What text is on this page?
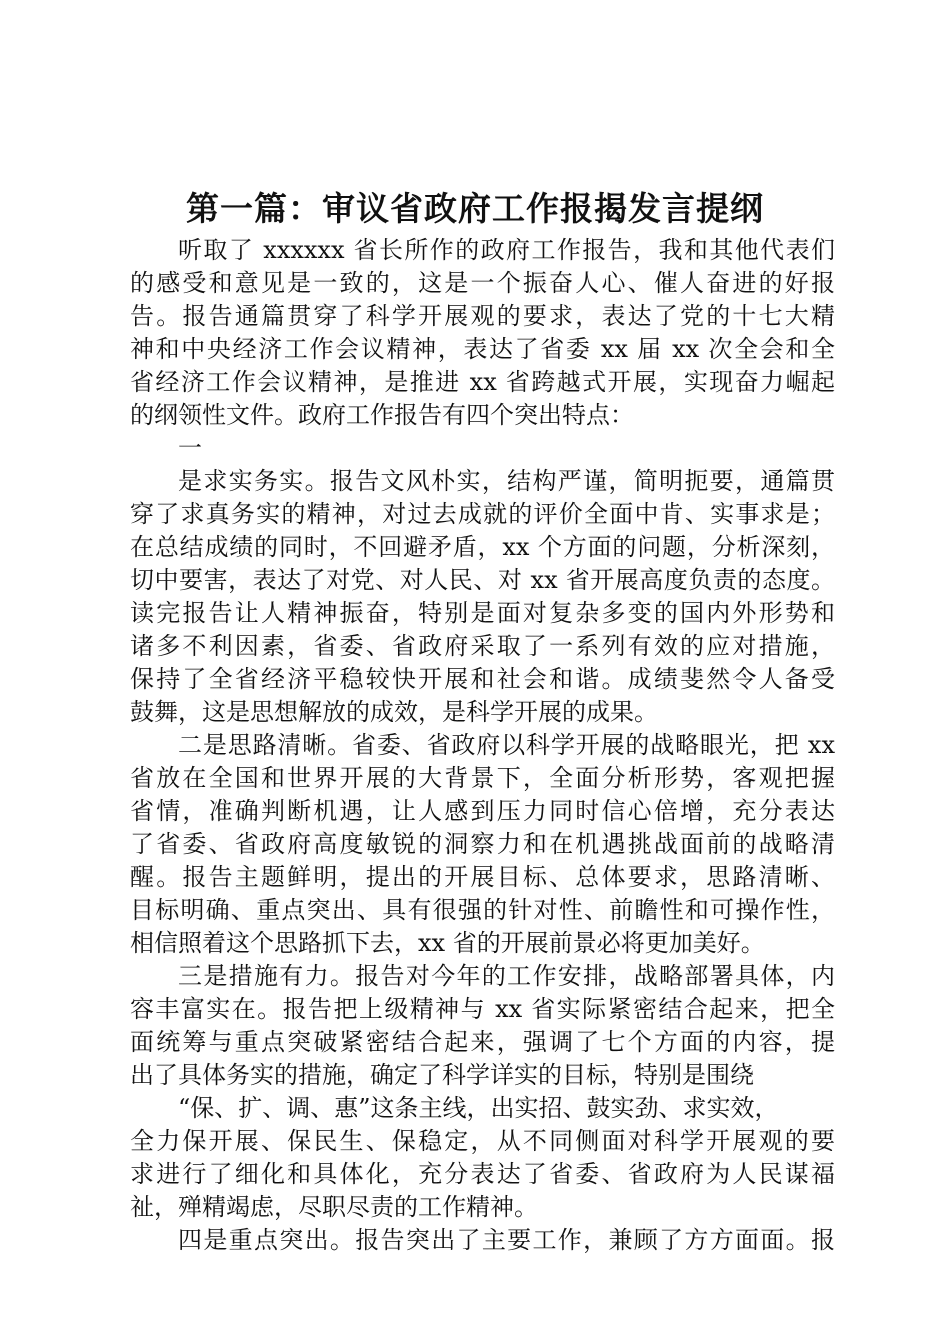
第一篇：审议省政府工作报揭发言提纲
听取了 xxxxxx 省长所作的政府工作报告，我和其他代表们
的感受和意见是一致的，这是一个振奋人心、催人奋进的好报
告。报告通篇贯穿了科学开展观的要求，表达了党的十七大精
神和中央经济工作会议精神，表达了省委 xx 届 xx 次全会和全
省经济工作会议精神，是推进 xx 省跨越式开展，实现奋力崛起
的纲领性文件。政府工作报告有四个突出特点：
一
是求实务实。报告文风朴实，结构严谨，简明扼要，通篇贯
穿了求真务实的精神，对过去成就的评价全面中肯、实事求是；
在总结成绩的同时，不回避矛盾，xx 个方面的问题，分析深刻，
切中要害，表达了对党、对人民、对 xx 省开展高度负责的态度。
读完报告让人精神振奋，特别是面对复杂多变的国内外形势和
诸多不利因素，省委、省政府采取了一系列有效的应对措施，
保持了全省经济平稳较快开展和社会和谐。成绩斐然令人备受
鼓舞，这是思想解放的成效，是科学开展的成果。
二是思路清晰。省委、省政府以科学开展的战略眼光，把 xx
省放在全国和世界开展的大背景下，全面分析形势，客观把握
省情，准确判断机遇，让人感到压力同时信心倍增，充分表达
了省委、省政府高度敏锐的洞察力和在机遇挑战面前的战略清
醒。报告主题鲜明，提出的开展目标、总体要求，思路清晰、
目标明确、重点突出、具有很强的针对性、前瞻性和可操作性，
相信照着这个思路抓下去，xx 省的开展前景必将更加美好。
三是措施有力。报告对今年的工作安排，战略部署具体，内
容丰富实在。报告把上级精神与 xx 省实际紧密结合起来，把全
面统筹与重点突破紧密结合起来，强调了七个方面的内容，提
出了具体务实的措施，确定了科学详实的目标，特别是围绕
“保、扩、调、惠”这条主线，出实招、鼓实劲、求实效，
全力保开展、保民生、保稳定，从不同侧面对科学开展观的要
求进行了细化和具体化，充分表达了省委、省政府为人民谋福
祉，殚精竭虑，尽职尽责的工作精神。
四是重点突出。报告突出了主要工作，兼顾了方方面面。报
